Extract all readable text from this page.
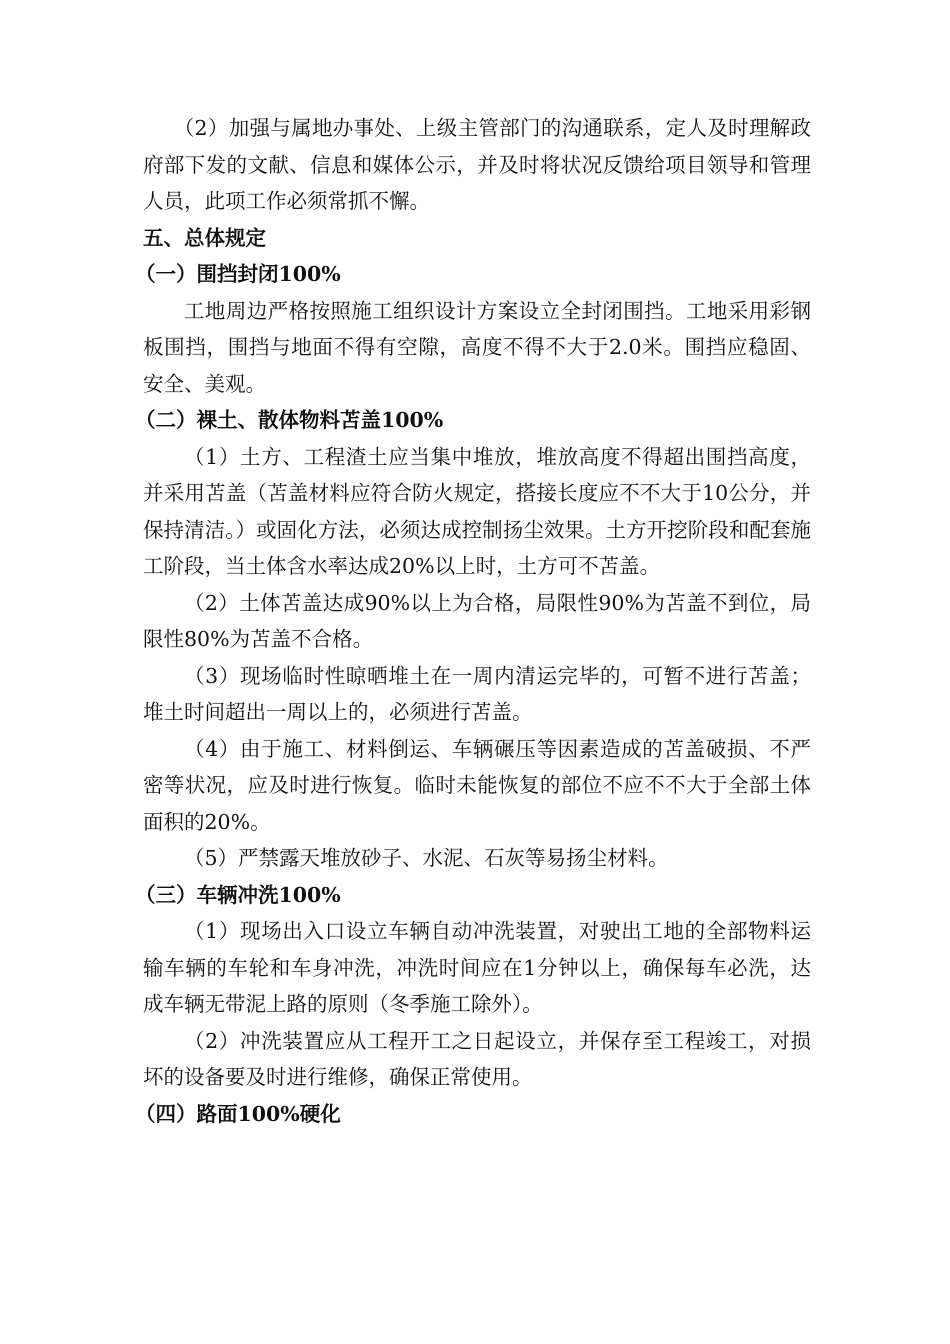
（2）加强与属地办事处、上级主管部门的沟通联系，定人及时理解政府部下发的文献、信息和媒体公示，并及时将状况反馈给项目领导和管理人员，此项工作必须常抓不懈。

五、总体规定

（一）围挡封闭100%

工地周边严格按照施工组织设计方案设立全封闭围挡。工地采用彩钢板围挡，围挡与地面不得有空隙，高度不得不大于2.0米。围挡应稳固、安全、美观。

（二）裸土、散体物料苫盖100%

（1）土方、工程渣土应当集中堆放，堆放高度不得超出围挡高度，并采用苫盖（苫盖材料应符合防火规定，搭接长度应不不大于10公分，并保持清洁。）或固化方法，必须达成控制扬尘效果。土方开挖阶段和配套施工阶段，当土体含水率达成20%以上时，土方可不苫盖。

（2）土体苫盖达成90%以上为合格，局限性90%为苫盖不到位，局限性80%为苫盖不合格。

（3）现场临时性晾晒堆土在一周内清运完毕的，可暂不进行苫盖；堆土时间超出一周以上的，必须进行苫盖。

（4）由于施工、材料倒运、车辆碾压等因素造成的苫盖破损、不严密等状况，应及时进行恢复。临时未能恢复的部位不应不不大于全部土体面积的20%。

（5）严禁露天堆放砂子、水泥、石灰等易扬尘材料。

（三）车辆冲洗100%

（1）现场出入口设立车辆自动冲洗装置，对驶出工地的全部物料运输车辆的车轮和车身冲洗，冲洗时间应在1分钟以上，确保每车必洗，达成车辆无带泥上路的原则（冬季施工除外）。

（2）冲洗装置应从工程开工之日起设立，并保存至工程竣工，对损坏的设备要及时进行维修，确保正常使用。

（四）路面100%硬化
